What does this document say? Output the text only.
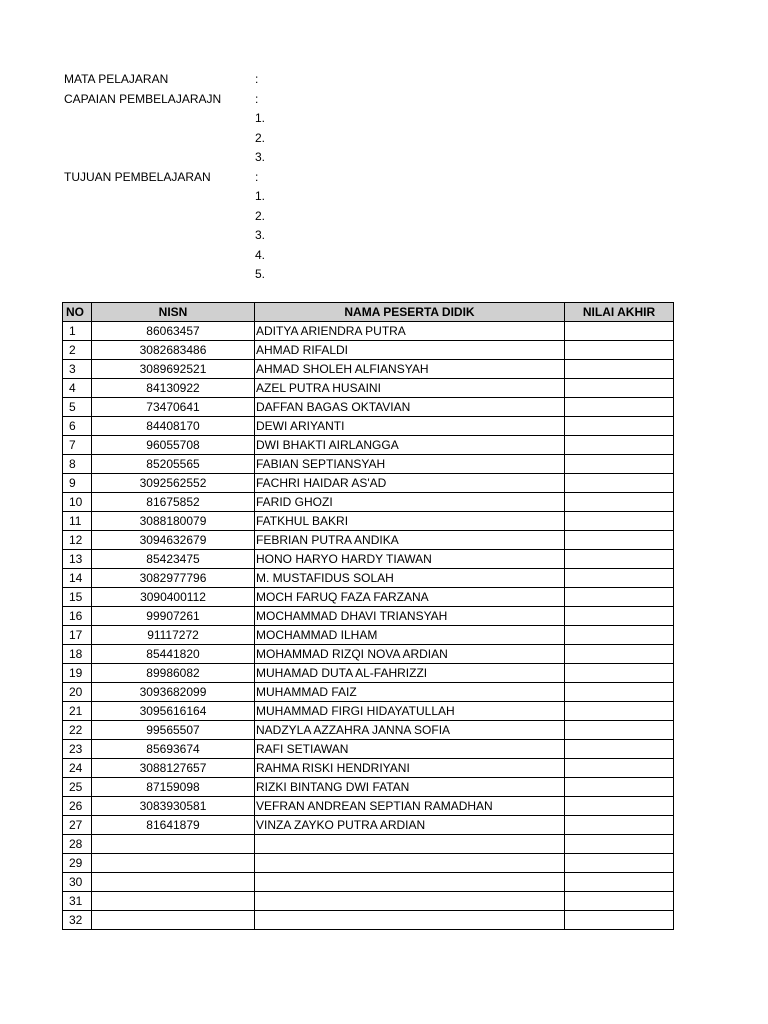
MATA PELAJARAN	:
CAPAIAN PEMBELAJARAJN	:
1.
2.
3.
TUJUAN PEMBELAJARAN	:
1.
2.
3.
4.
5.
NO	NISN	NAMA PESERTA DIDIK	NILAI AKHIR
1	86063457	ADITYA ARIENDRA PUTRA	
2	3082683486	AHMAD RIFALDI	
3	3089692521	AHMAD SHOLEH ALFIANSYAH	
4	84130922	AZEL PUTRA HUSAINI	
5	73470641	DAFFAN BAGAS OKTAVIAN	
6	84408170	DEWI ARIYANTI	
7	96055708	DWI BHAKTI AIRLANGGA	
8	85205565	FABIAN SEPTIANSYAH	
9	3092562552	FACHRI HAIDAR AS'AD	
10	81675852	FARID GHOZI	
11	3088180079	FATKHUL BAKRI	
12	3094632679	FEBRIAN PUTRA ANDIKA	
13	85423475	HONO HARYO HARDY TIAWAN	
14	3082977796	M. MUSTAFIDUS SOLAH	
15	3090400112	MOCH FARUQ FAZA FARZANA	
16	99907261	MOCHAMMAD DHAVI TRIANSYAH	
17	91117272	MOCHAMMAD ILHAM	
18	85441820	MOHAMMAD RIZQI NOVA ARDIAN	
19	89986082	MUHAMAD DUTA AL-FAHRIZZI	
20	3093682099	MUHAMMAD FAIZ	
21	3095616164	MUHAMMAD FIRGI HIDAYATULLAH	
22	99565507	NADZYLA AZZAHRA JANNA SOFIA	
23	85693674	RAFI SETIAWAN	
24	3088127657	RAHMA RISKI HENDRIYANI	
25	87159098	RIZKI BINTANG DWI FATAN	
26	3083930581	VEFRAN ANDREAN SEPTIAN RAMADHAN	
27	81641879	VINZA ZAYKO PUTRA ARDIAN	
28			
29			
30			
31			
32			
